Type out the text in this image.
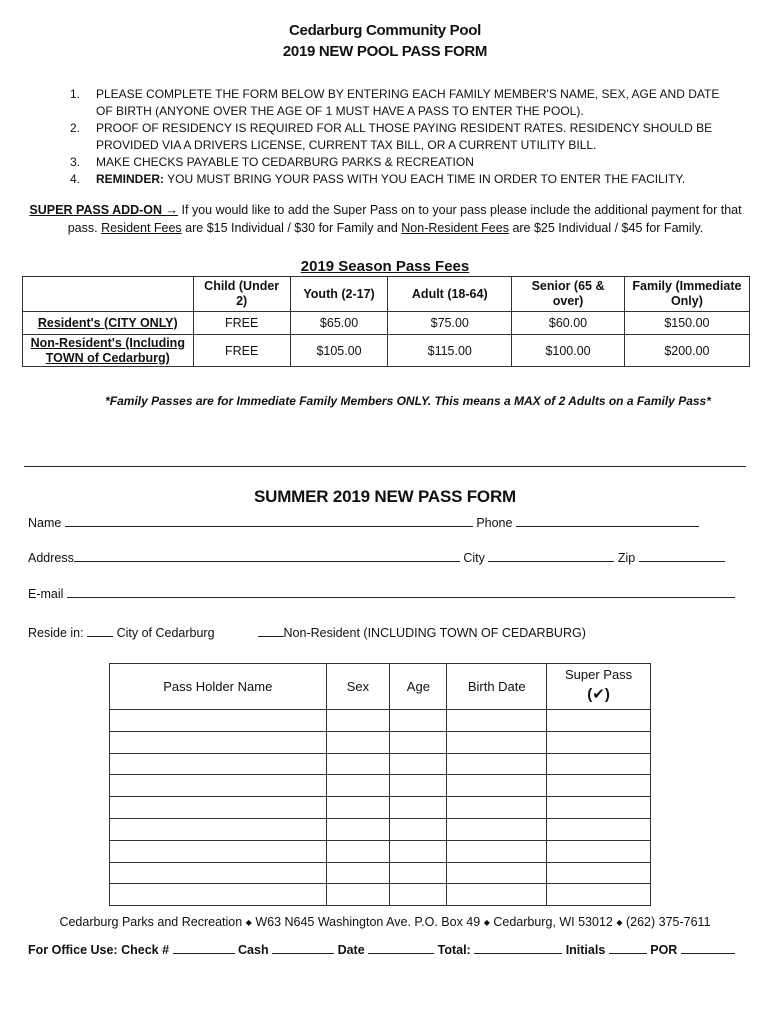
Cedarburg Community Pool
2019 NEW POOL PASS FORM
1. PLEASE COMPLETE THE FORM BELOW BY ENTERING EACH FAMILY MEMBER'S NAME, SEX, AGE AND DATE OF BIRTH (ANYONE OVER THE AGE OF 1 MUST HAVE A PASS TO ENTER THE POOL).
2. PROOF OF RESIDENCY IS REQUIRED FOR ALL THOSE PAYING RESIDENT RATES. RESIDENCY SHOULD BE PROVIDED VIA A DRIVERS LICENSE, CURRENT TAX BILL, OR A CURRENT UTILITY BILL.
3. MAKE CHECKS PAYABLE TO CEDARBURG PARKS & RECREATION
4. REMINDER: YOU MUST BRING YOUR PASS WITH YOU EACH TIME IN ORDER TO ENTER THE FACILITY.
SUPER PASS ADD-ON → If you would like to add the Super Pass on to your pass please include the additional payment for that pass. Resident Fees are $15 Individual / $30 for Family and Non-Resident Fees are $25 Individual / $45 for Family.
2019 Season Pass Fees
	Child (Under 2)	Youth (2-17)	Adult (18-64)	Senior (65 & over)	Family (Immediate Only)
Resident's (CITY ONLY)	FREE	$65.00	$75.00	$60.00	$150.00
Non-Resident's (Including TOWN of Cedarburg)	FREE	$105.00	$115.00	$100.00	$200.00
*Family Passes are for Immediate Family Members ONLY. This means a MAX of 2 Adults on a Family Pass*
SUMMER 2019 NEW PASS FORM
Name	Phone
Address	City	Zip
E-mail
Reside in:	City of Cedarburg	Non-Resident (INCLUDING TOWN OF CEDARBURG)
Pass Holder Name	Sex	Age	Birth Date	Super Pass
(✔)

Cedarburg Parks and Recreation ◆ W63 N645 Washington Ave. P.O. Box 49 ◆ Cedarburg, WI 53012 ◆ (262) 375-7611
For Office Use: Check #	Cash	Date	Total:	Initials	POR
